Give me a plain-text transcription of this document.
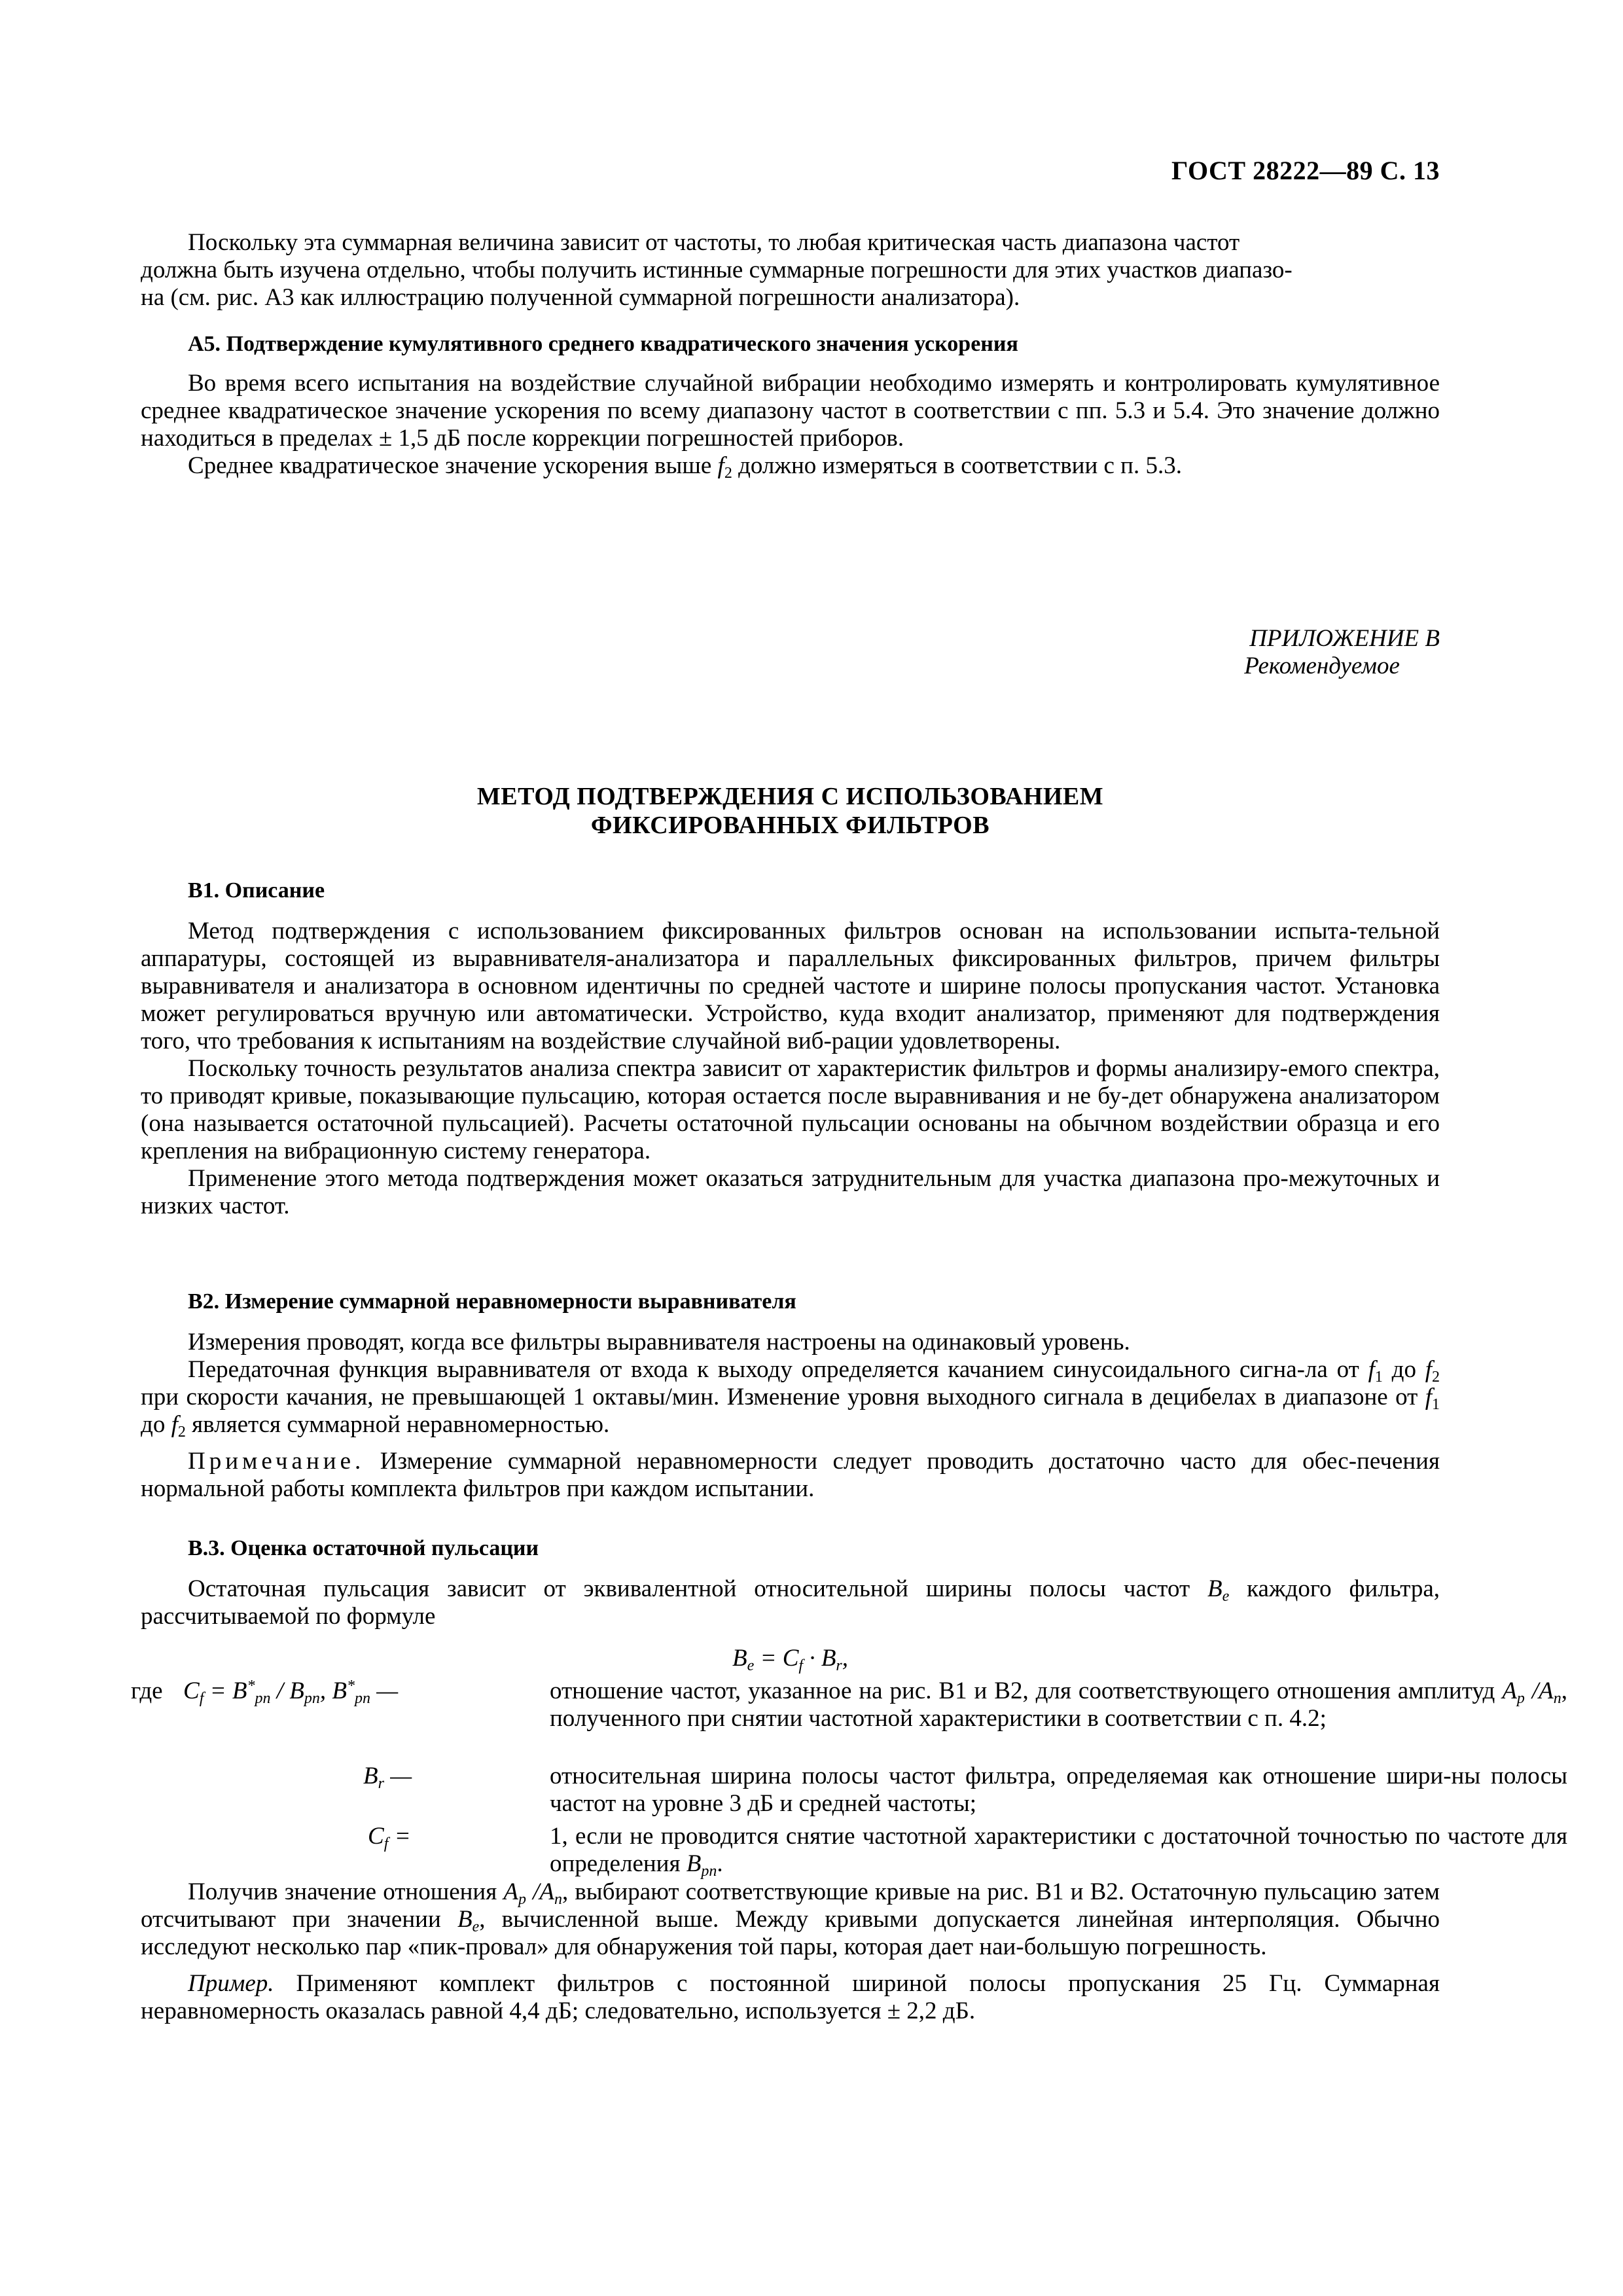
ГОСТ 28222—89 С. 13

Поскольку эта суммарная величина зависит от частоты, то любая критическая часть диапазона частот

должна быть изучена отдельно, чтобы получить истинные суммарные погрешности для этих участков диапазо-

на (см. рис. А3 как иллюстрацию полученной суммарной погрешности анализатора).

А5. Подтверждение кумулятивного среднего квадратического значения ускорения

Во время всего испытания на воздействие случайной вибрации необходимо измерять и контролировать кумулятивное среднее квадратическое значение ускорения по всему диапазону частот в соответствии с пп. 5.3 и 5.4. Это значение должно находиться в пределах ± 1,5 дБ после коррекции погрешностей приборов.

Среднее квадратическое значение ускорения выше $f_2$ должно измеряться в соответствии с п. 5.3.

ПРИЛОЖЕНИЕ В
Рекомендуемое
МЕТОД ПОДТВЕРЖДЕНИЯ С ИСПОЛЬЗОВАНИЕМ
ФИКСИРОВАННЫХ ФИЛЬТРОВ

В1. Описание

Метод подтверждения с использованием фиксированных фильтров основан на использовании испыта-тельной аппаратуры, состоящей из выравнивателя-анализатора и параллельных фиксированных фильтров, причем фильтры выравнивателя и анализатора в основном идентичны по средней частоте и ширине полосы пропускания частот. Установка может регулироваться вручную или автоматически. Устройство, куда входит анализатор, применяют для подтверждения того, что требования к испытаниям на воздействие случайной виб-рации удовлетворены.

Поскольку точность результатов анализа спектра зависит от характеристик фильтров и формы анализиру-емого спектра, то приводят кривые, показывающие пульсацию, которая остается после выравнивания и не бу-дет обнаружена анализатором (она называется остаточной пульсацией). Расчеты остаточной пульсации основаны на обычном воздействии образца и его крепления на вибрационную систему генератора.

Применение этого метода подтверждения может оказаться затруднительным для участка диапазона про-межуточных и низких частот.

В2. Измерение суммарной неравномерности выравнивателя

Измерения проводят, когда все фильтры выравнивателя настроены на одинаковый уровень.

Передаточная функция выравнивателя от входа к выходу определяется качанием синусоидального сигна-ла от $f_1$ до $f_2$ при скорости качания, не превышающей 1 октавы/мин. Изменение уровня выходного сигнала в децибелах в диапазоне от $f_1$ до $f_2$ является суммарной неравномерностью.

Примечание. Измерение суммарной неравномерности следует проводить достаточно часто для обес-печения нормальной работы комплекта фильтров при каждом испытании.

В.3. Оценка остаточной пульсации

Остаточная пульсация зависит от эквивалентной относительной ширины полосы частот $B_e$ каждого фильтра, рассчитываемой по формуле

$B_e = C_f \cdot B_r$,
где $C_f = B^*_{pn} / B_{pn}$, $B^*_{pn}$ —	отношение частот, указанное на рис. В1 и В2, для соответствующего отношения амплитуд $A_p$ $/A_n$, полученного при снятии частотной характеристики в соответствии с п. 4.2;
$B_r$ —	относительная ширина полосы частот фильтра, определяемая как отношение шири-ны полосы частот на уровне 3 дБ и средней частоты;
$C_f$ =	1, если не проводится снятие частотной характеристики с достаточной точностью по частоте для определения $B_{pn}$.

Получив значение отношения $A_p$ $/A_n$, выбирают соответствующие кривые на рис. В1 и В2. Остаточную пульсацию затем отсчитывают при значении $B_e$, вычисленной выше. Между кривыми допускается линейная интерполяция. Обычно исследуют несколько пар «пик-провал» для обнаружения той пары, которая дает наи-большую погрешность.

Пример. Применяют комплект фильтров с постоянной шириной полосы пропускания 25 Гц. Суммарная неравномерность оказалась равной 4,4 дБ; следовательно, используется ± 2,2 дБ.
